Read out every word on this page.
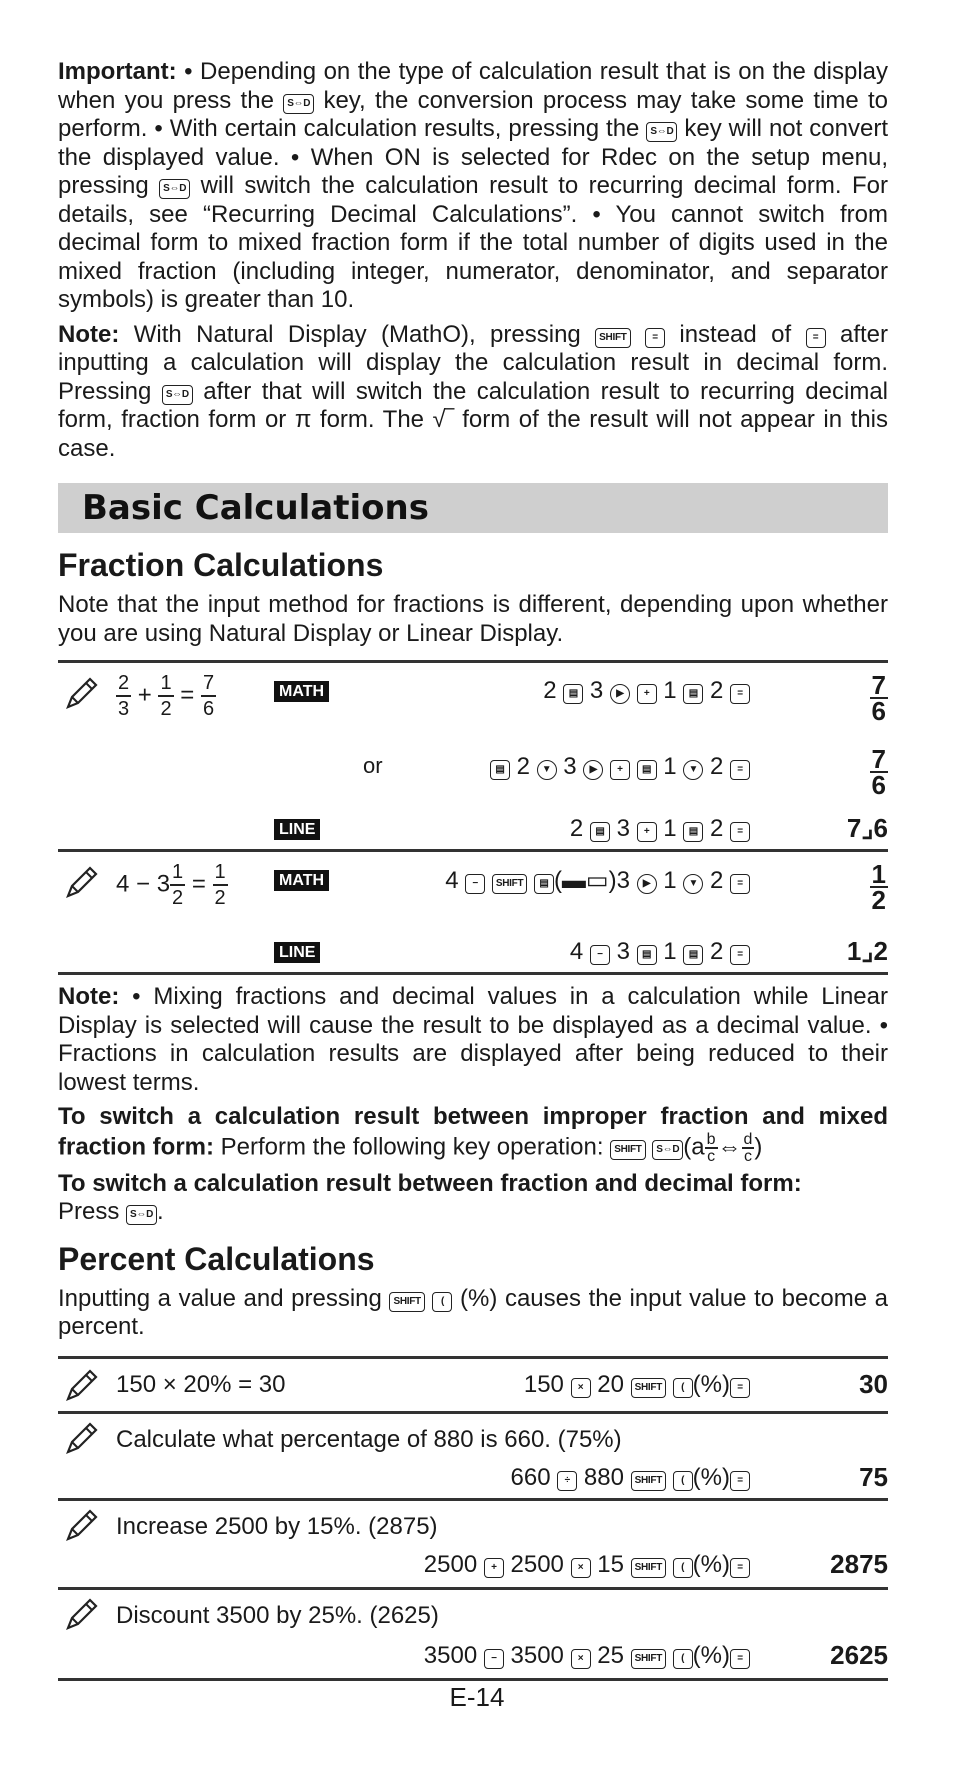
Important: • Depending on the type of calculation result that is on the display when you press the S⇔D key, the conversion process may take some time to perform. • With certain calculation results, pressing the S⇔D key will not convert the displayed value. • When ON is selected for Rdec on the setup menu, pressing S⇔D will switch the calculation result to recurring decimal form. For details, see “Recurring Decimal Calculations”. • You cannot switch from decimal form to mixed fraction form if the total number of digits used in the mixed fraction (including integer, numerator, denominator, and separator symbols) is greater than 10.

Note: With Natural Display (MathO), pressing SHIFT	= instead of = after inputting a calculation will display the calculation result in decimal form. Pressing S⇔D after that will switch the calculation result to recurring decimal form, fraction form or π form. The √‾ form of the result will not appear in this case.

Basic Calculations
Fraction Calculations

Note that the input method for fractions is different, depending upon whether you are using Natural Display or Linear Display.

$\frac{2}{3} + \frac{1}{2} = \frac{7}{6}$	MATH	2 ▤ 3 ▶ + 1 ▤ 2 =	$\frac{7}{6}$
or	▤ 2 ▼ 3 ▶ + ▤ 1 ▼ 2 =	$\frac{7}{6}$
LINE	2 ▤ 3 + 1 ▤ 2 =	7⌟6
$4 - 3 \frac{1}{2} = \frac{1}{2}$	MATH	4 − SHIFT ▤ (▬▭)3 ▶ 1 ▼ 2 =	$\frac{1}{2}$
LINE	4 − 3 ▤ 1 ▤ 2 =	1⌟2

Note: • Mixing fractions and decimal values in a calculation while Linear Display is selected will cause the result to be displayed as a decimal value. • Fractions in calculation results are displayed after being reduced to their lowest terms.

To switch a calculation result between improper fraction and mixed fraction form: Perform the following key operation: SHIFT S⇔D ($a \frac{b}{c}$ ⇔ $\frac{d}{c}$ )

To switch a calculation result between fraction and decimal form:
Press S⇔D .

Percent Calculations

Inputting a value and pressing SHIFT ( (%) causes the input value to become a percent.

150 × 20% = 30	150 × 20 SHIFT ( (%) =	30
Calculate what percentage of 880 is 660. (75%)
660 ÷ 880 SHIFT ( (%) =	75
Increase 2500 by 15%. (2875)
2500 + 2500 × 15 SHIFT ( (%) =	2875
Discount 3500 by 25%. (2625)
3500 − 3500 × 25 SHIFT ( (%) =	2625
E-14
